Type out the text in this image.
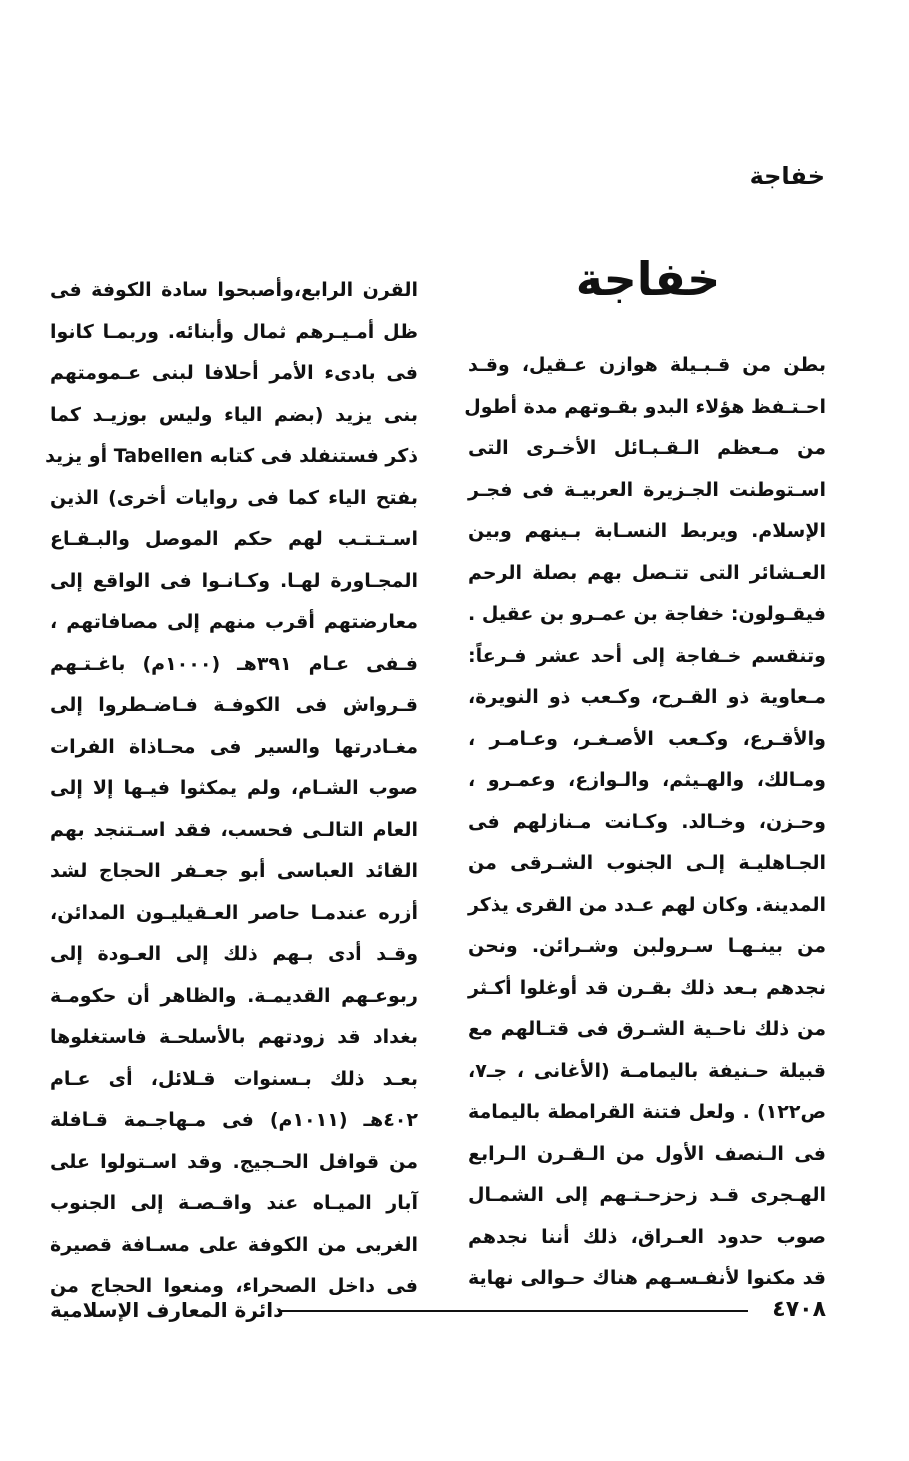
خفاجة
خفاجة
بطن من قـبـيلة هوازن عـقيل، وقـد
احـتـفظ هؤلاء البدو بقـوتهم مدة أطول
من مـعظم الـقـبـائل الأخـرى التى
اسـتوطنت الجـزيرة العربيـة فى فجـر
الإسلام. ويربط النسـابة بـينهم وبين
العـشائر التى تتـصل بهم بصلة الرحم
فيقـولون: خفاجة بن عمـرو بن عقيل .
وتنقسم خـفاجة إلى أحد عشر فـرعاً:
مـعاوية ذو القـرح، وكـعب ذو النويرة،
والأقـرع، وكـعب الأصـغـر، وعـامـر ،
ومـالك، والهـيثم، والـوازع، وعمـرو ،
وحـزن، وخـالد. وكـانت مـنازلهم فى
الجـاهليـة إلـى الجنوب الشـرقى من
المدينة. وكان لهم عـدد من القرى يذكر
من بينـهـا سـرولبن وشـرائن. ونحن
نجدهم بـعد ذلك بقـرن قد أوغلوا أكـثر
من ذلك ناحـية الشـرق فى قتـالهم مع
قبيلة حـنيفة باليمامـة (الأغانى ، جـ٧،
ص١٢٢) . ولعل فتنة القرامطة باليمامة
فى الـنصف الأول من الـقـرن الـرابع
الهـجرى قـد زحزحـتـهم إلى الشمـال
صوب حدود العـراق، ذلك أننا نجدهم
قد مكنوا لأنفـسـهم هناك حـوالى نهاية
القرن الرابع،وأصبحوا سادة الكوفة فى
ظل أمـيـرهم ثمال وأبنائه. وربمـا كانوا
فى بادىء الأمر أحلافا لبنى عـمومتهم
بنى يزيد (بضم الياء وليس بوزيـد كما
ذكر فستنفلد فى كتابه Tabellen أو يزيد
بفتح الياء كما فى روايات أخرى) الذين
اسـتـتـب لهم حكم الموصل والبـقـاع
المجـاورة لهـا. وكـانـوا فى الواقع إلى
معارضتهم أقرب منهم إلى مصافاتهم ،
فـفى عـام ٣٩١هـ (١٠٠٠م) باغـتـهم
قـرواش فى الكوفـة فـاضـطروا إلى
مغـادرتها والسير فى محـاذاة الفرات
صوب الشـام، ولم يمكثوا فيـها إلا إلى
العام التالـى فحسب، فقد اسـتنجد بهم
القائد العباسى أبو جعـفر الحجاج لشد
أزره عندمـا حاصر العـقيليـون المدائن،
وقـد أدى بـهم ذلك إلى العـودة إلى
ربوعـهم القديمـة. والظاهر أن حكومـة
بغداد قد زودتهم بالأسلحـة فاستغلوها
بعـد ذلك بـسنوات قـلائل، أى عـام
٤٠٢هـ (١٠١١م) فى مـهاجـمة قـافلة
من قوافل الحـجيج. وقد اسـتولوا على
آبار الميـاه عند واقـصـة إلى الجنوب
الغربى من الكوفة على مسـافة قصيرة
فى داخل الصحراء، ومنعوا الحجاج من
٤٧٠٨
دائرة المعارف الإسلامية
